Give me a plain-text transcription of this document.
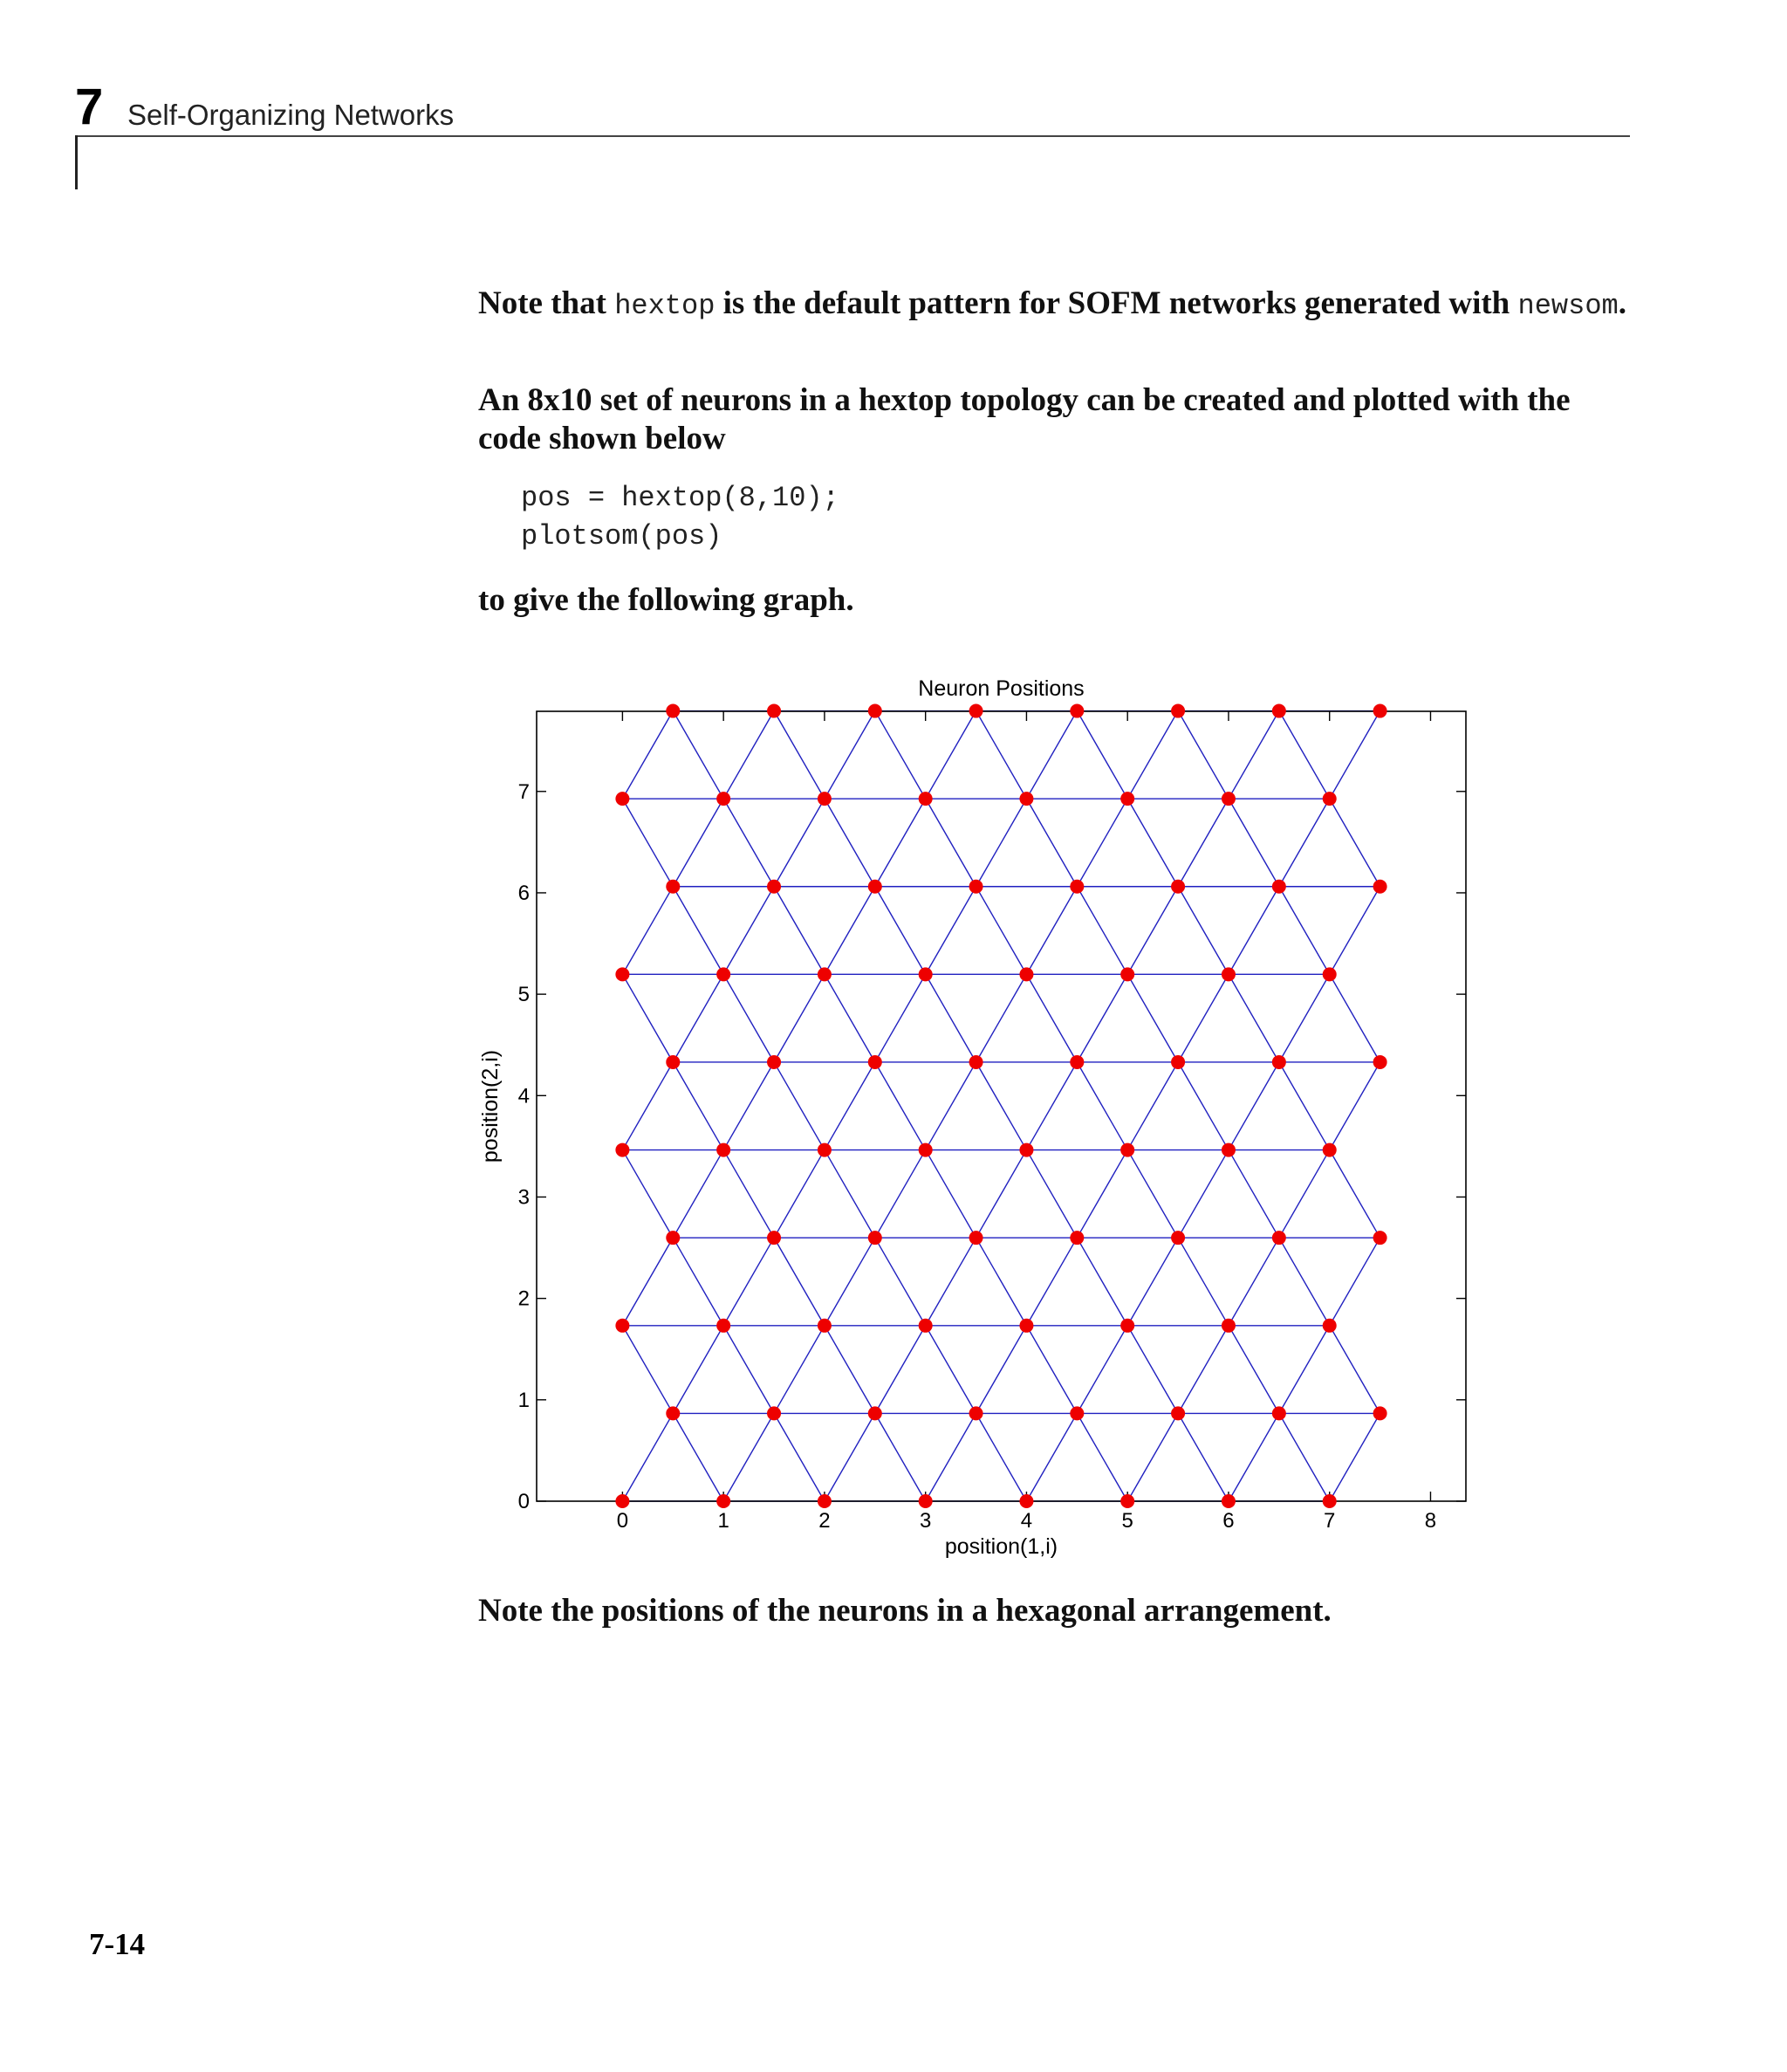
7 Self-Organizing Networks
Note that hextop is the default pattern for SOFM networks generated with newsom.
An 8x10 set of neurons in a hextop topology can be created and plotted with the code shown below
pos = hextop(8,10);
plotsom(pos)
to give the following graph.
0	1	2	3	4	5	6	7	8
0
1
2
3
4
5
6
7
Neuron Positions
position(1,i)
position(2,i)
Note the positions of the neurons in a hexagonal arrangement.
7-14
